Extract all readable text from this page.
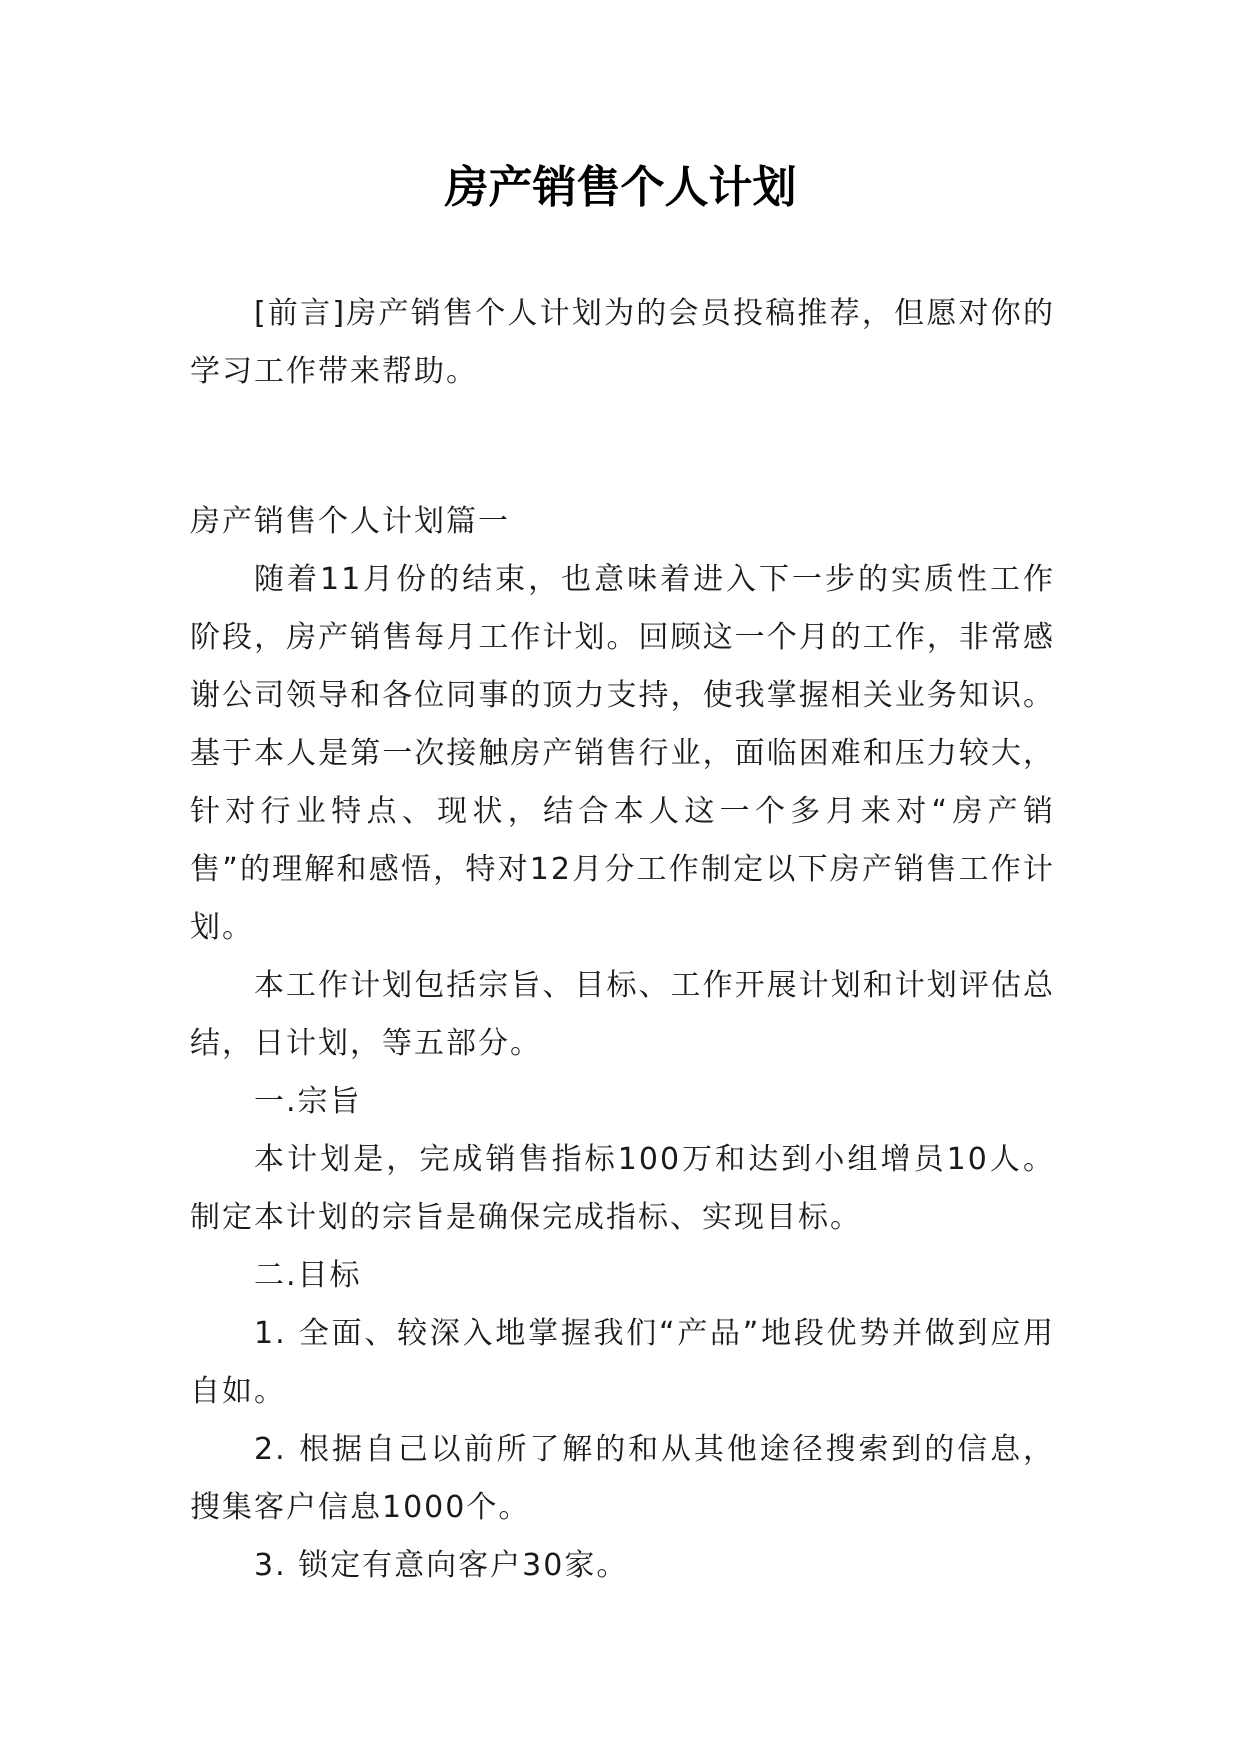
房产销售个人计划

[前言]房产销售个人计划为的会员投稿推荐，但愿对你的学习工作带来帮助。

房产销售个人计划篇一

随着11月份的结束，也意味着进入下一步的实质性工作阶段，房产销售每月工作计划。回顾这一个月的工作，非常感谢公司领导和各位同事的顶力支持，使我掌握相关业务知识。基于本人是第一次接触房产销售行业，面临困难和压力较大，针对行业特点、现状，结合本人这一个多月来对“房产销售”的理解和感悟，特对12月分工作制定以下房产销售工作计划。

本工作计划包括宗旨、目标、工作开展计划和计划评估总结，日计划，等五部分。

一.宗旨

本计划是，完成销售指标100万和达到小组增员10人。制定本计划的宗旨是确保完成指标、实现目标。

二.目标

1. 全面、较深入地掌握我们“产品”地段优势并做到应用自如。

2. 根据自己以前所了解的和从其他途径搜索到的信息，搜集客户信息1000个。

3. 锁定有意向客户30家。
